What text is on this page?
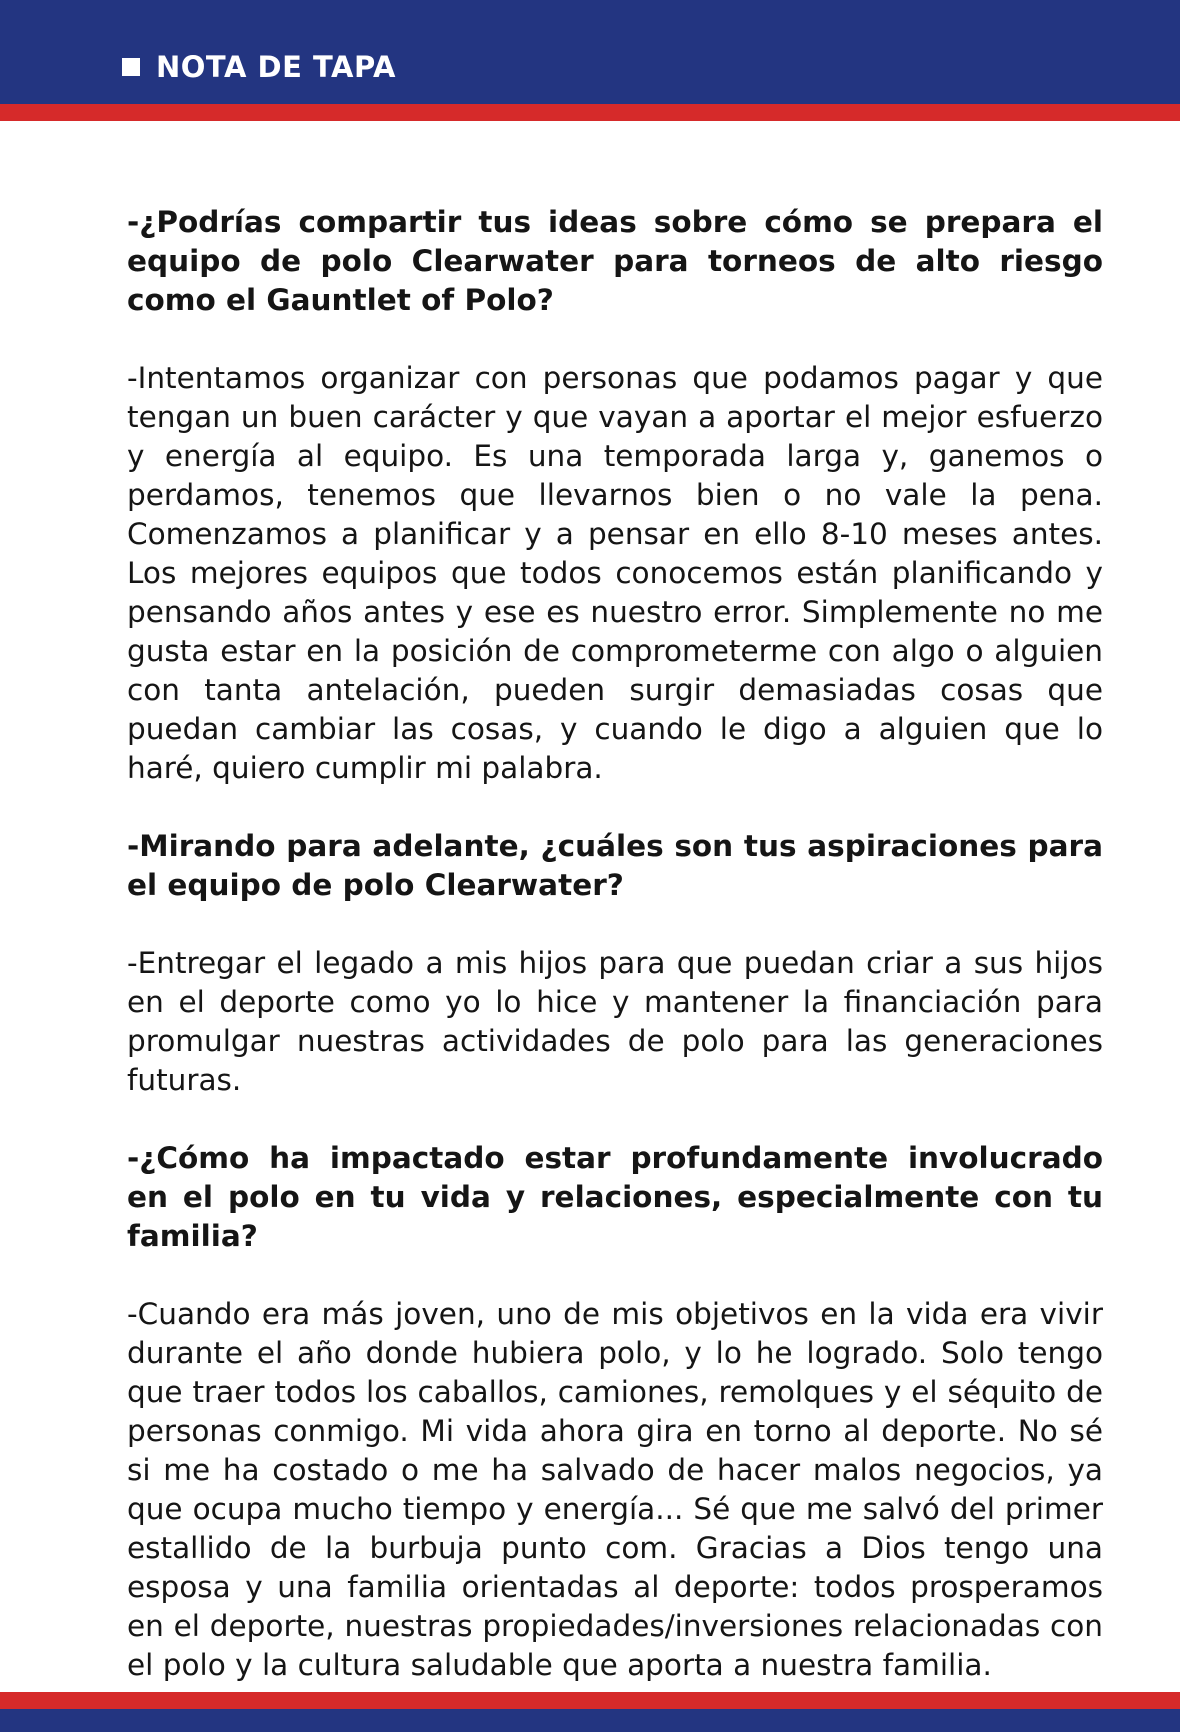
NOTA DE TAPA

-¿Podrías compartir tus ideas sobre cómo se prepara el equipo de polo Clearwater para torneos de alto riesgo como el Gauntlet of Polo?

-Intentamos organizar con personas que podamos pagar y que tengan un buen carácter y que vayan a aportar el mejor esfuerzo y energía al equipo. Es una temporada larga y, ganemos o perdamos, tenemos que llevarnos bien o no vale la pena. Comenzamos a planificar y a pensar en ello 8-10 meses antes. Los mejores equipos que todos conocemos están planificando y pensando años antes y ese es nuestro error. Simplemente no me gusta estar en la posición de comprometerme con algo o alguien con tanta antelación, pueden surgir demasiadas cosas que puedan cambiar las cosas, y cuando le digo a alguien que lo haré, quiero cumplir mi palabra.

-Mirando para adelante, ¿cuáles son tus aspiraciones para el equipo de polo Clearwater?

-Entregar el legado a mis hijos para que puedan criar a sus hijos en el deporte como yo lo hice y mantener la financiación para promulgar nuestras actividades de polo para las generaciones futuras.

-¿Cómo ha impactado estar profundamente involucrado en el polo en tu vida y relaciones, especialmente con tu familia?

-Cuando era más joven, uno de mis objetivos en la vida era vivir durante el año donde hubiera polo, y lo he logrado. Solo tengo que traer todos los caballos, camiones, remolques y el séquito de personas conmigo. Mi vida ahora gira en torno al deporte. No sé si me ha costado o me ha salvado de hacer malos negocios, ya que ocupa mucho tiempo y energía... Sé que me salvó del primer estallido de la burbuja punto com. Gracias a Dios tengo una esposa y una familia orientadas al deporte: todos prosperamos en el deporte, nuestras propiedades/inversiones relacionadas con el polo y la cultura saludable que aporta a nuestra familia.
